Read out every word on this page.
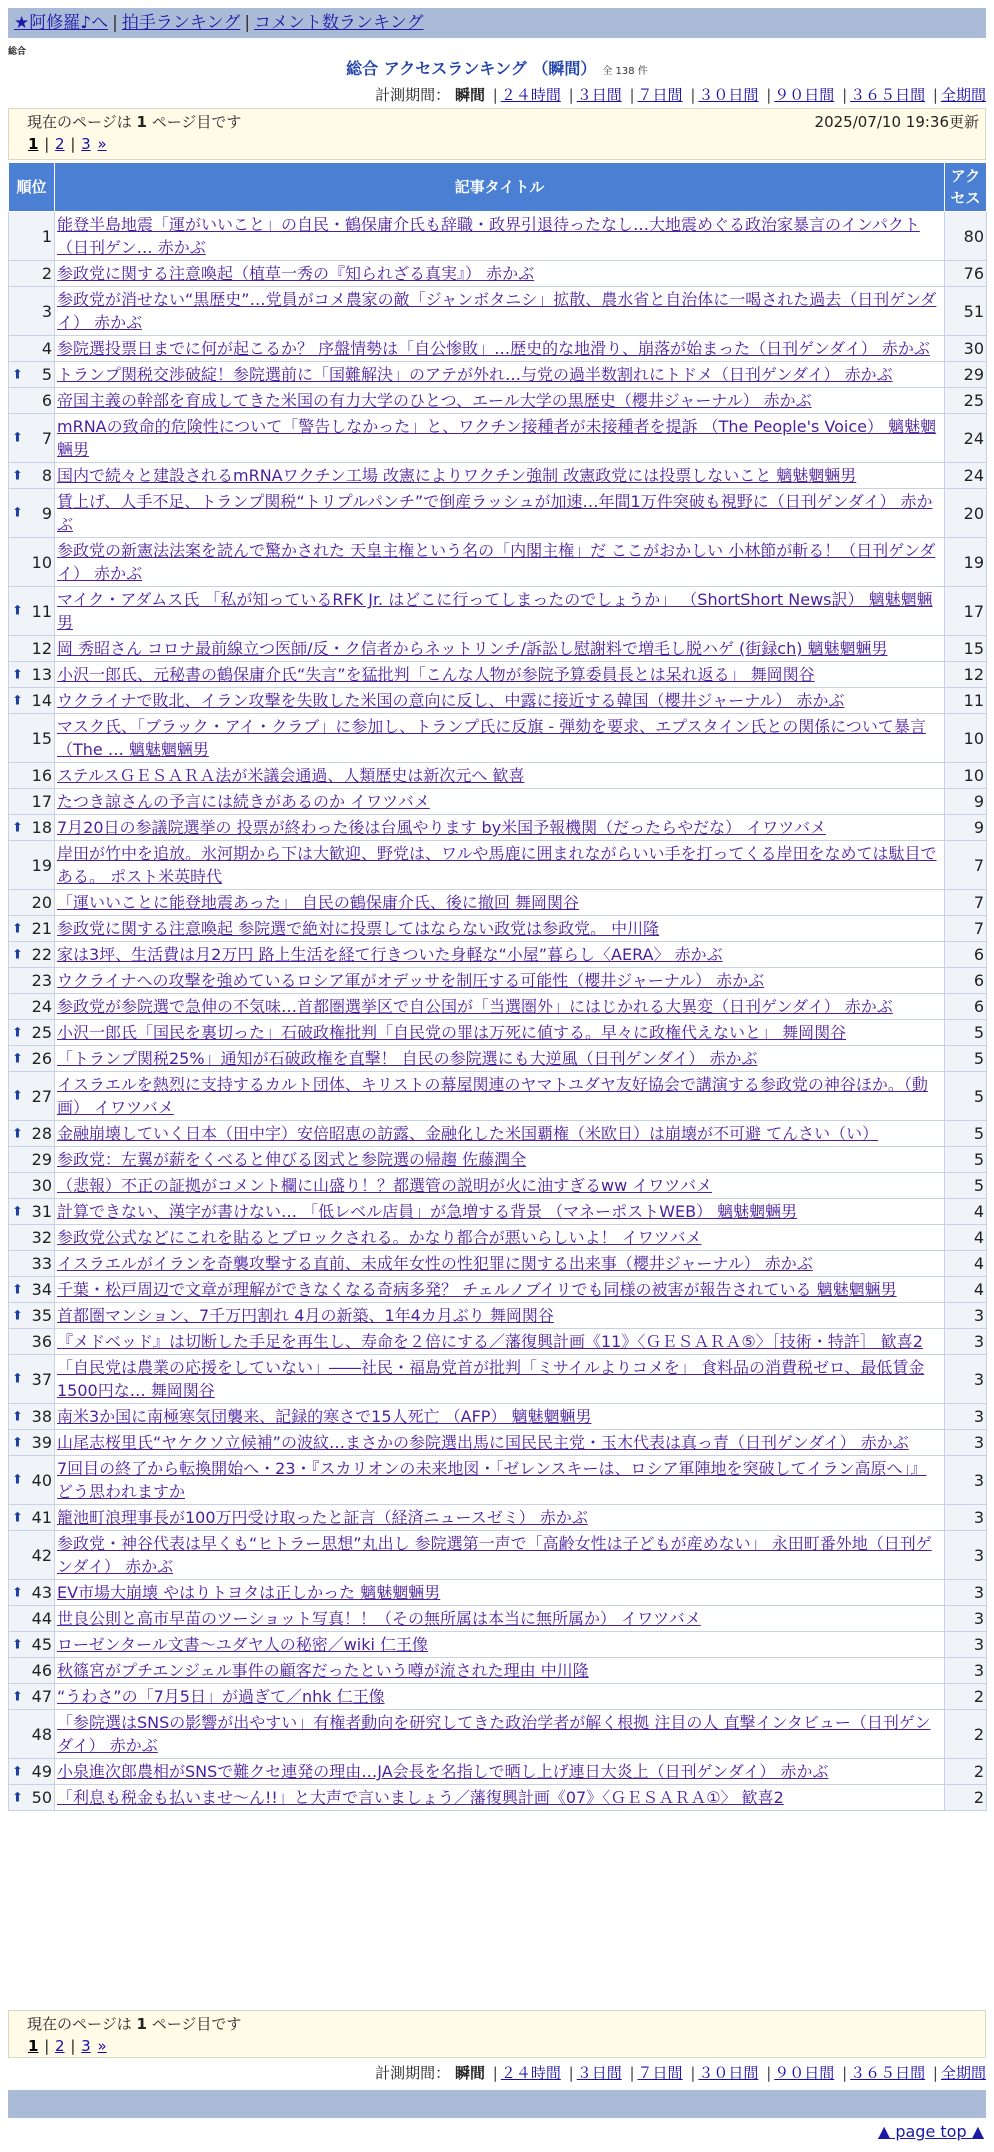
★阿修羅♪へ | 拍手ランキング | コメント数ランキング
総合
総合 アクセスランキング （瞬間） 全 138 件
計測期間： 瞬間 | ２４時間 | ３日間 | ７日間 | ３０日間 | ９０日間 | ３６５日間 | 全期間
現在のページは 1 ページ目です	2025/07/10 19:36更新
1 | 2 | 3 »
順位	記事タイトル	アクセス
1	能登半島地震「運がいいこと」の自民・鶴保庸介氏も辞職・政界引退待ったなし…大地震めぐる政治家暴言のインパクト（日刊ゲン… 赤かぶ	80
2	参政党に関する注意喚起（植草一秀の『知られざる真実』） 赤かぶ	76
3	参政党が消せない“黒歴史”…党員がコメ農家の敵「ジャンボタニシ」拡散、農水省と自治体に一喝された過去（日刊ゲンダイ） 赤かぶ	51
4	参院選投票日までに何が起こるか？ 序盤情勢は「自公惨敗」…歴史的な地滑り、崩落が始まった（日刊ゲンダイ） 赤かぶ	30

⬆ 5	トランプ関税交渉破綻！参院選前に「国難解決」のアテが外れ…与党の過半数割れにトドメ（日刊ゲンダイ） 赤かぶ	29
6	帝国主義の幹部を育成してきた米国の有力大学のひとつ、エール大学の黒歴史（櫻井ジャーナル） 赤かぶ	25

⬆ 7	mRNAの致命的危険性について「警告しなかった」と、ワクチン接種者が未接種者を提訴 （The People's Voice） 魑魅魍魎男	24

⬆ 8	国内で続々と建設されるmRNAワクチン工場 改憲によりワクチン強制 改憲政党には投票しないこと 魑魅魍魎男	24

⬆ 9	賃上げ、人手不足、トランプ関税“トリプルパンチ”で倒産ラッシュが加速…年間1万件突破も視野に（日刊ゲンダイ） 赤かぶ	20
10	参政党の新憲法法案を読んで驚かされた 天皇主権という名の「内閣主権」だ ここがおかしい 小林節が斬る！（日刊ゲンダイ） 赤かぶ	19

⬆ 11	マイク・アダムス氏 「私が知っているRFK Jr. はどこに行ってしまったのでしょうか」 （ShortShort News訳） 魑魅魍魎男	17
12	岡 秀昭さん コロナ最前線立つ医師/反・ク信者からネットリンチ/訴訟し慰謝料で増毛し脱ハゲ (街録ch) 魑魅魍魎男	15

⬆ 13	小沢一郎氏、元秘書の鶴保庸介氏“失言”を猛批判「こんな人物が参院予算委員長とは呆れ返る」 舞岡関谷	12

⬆ 14	ウクライナで敗北、イラン攻撃を失敗した米国の意向に反し、中露に接近する韓国（櫻井ジャーナル） 赤かぶ	11
15	マスク氏、「ブラック・アイ・クラブ」に参加し、トランプ氏に反旗 - 弾劾を要求、エプスタイン氏との関係について暴言（The … 魑魅魍魎男	10
16	ステルスＧＥＳＡＲＡ法が米議会通過、人類歴史は新次元へ 歓喜	10
17	たつき諒さんの予言には続きがあるのか イワツバメ	9

⬆ 18	7月20日の参議院選挙の 投票が終わった後は台風やります by米国予報機関（だったらやだな） イワツバメ	9
19	岸田が竹中を追放。氷河期から下は大歓迎、野党は、ワルや馬鹿に囲まれながらいい手を打ってくる岸田をなめては駄目である。 ポスト米英時代	7
20	「運いいことに能登地震あった」 自民の鶴保庸介氏、後に撤回 舞岡関谷	7

⬆ 21	参政党に関する注意喚起 参院選で絶対に投票してはならない政党は参政党。 中川隆	7

⬆ 22	家は3坪、生活費は月2万円 路上生活を経て行きついた身軽な“小屋”暮らし〈AERA〉 赤かぶ	6
23	ウクライナへの攻撃を強めているロシア軍がオデッサを制圧する可能性（櫻井ジャーナル） 赤かぶ	6
24	参政党が参院選で急伸の不気味…首都圏選挙区で自公国が「当選圏外」にはじかれる大異変（日刊ゲンダイ） 赤かぶ	6

⬆ 25	小沢一郎氏「国民を裏切った」石破政権批判「自民党の罪は万死に値する。早々に政権代えないと」 舞岡関谷	5

⬆ 26	「トランプ関税25%」通知が石破政権を直撃！ 自民の参院選にも大逆風（日刊ゲンダイ） 赤かぶ	5

⬆ 27	イスラエルを熱烈に支持するカルト団体、キリストの幕屋関連のヤマトユダヤ友好協会で講演する参政党の神谷ほか。（動画） イワツバメ	5

⬆ 28	金融崩壊していく日本（田中宇）安倍昭恵の訪露、金融化した米国覇権（米欧日）は崩壊が不可避 てんさい（い）	5
29	参政党：左翼が薪をくべると伸びる図式と参院選の帰趨 佐藤潤全	5
30	（悲報）不正の証拠がコメント欄に山盛り！？都選管の説明が火に油すぎるww イワツバメ	5

⬆ 31	計算できない、漢字が書けない… 「低レベル店員」が急増する背景 （マネーポストWEB） 魑魅魍魎男	4
32	参政党公式などにこれを貼るとブロックされる。かなり都合が悪いらしいよ！ イワツバメ	4
33	イスラエルがイランを奇襲攻撃する直前、未成年女性の性犯罪に関する出来事（櫻井ジャーナル） 赤かぶ	4

⬆ 34	千葉・松戸周辺で文章が理解ができなくなる奇病多発？ チェルノブイリでも同様の被害が報告されている 魑魅魍魎男	4

⬆ 35	首都圏マンション、7千万円割れ 4月の新築、1年4カ月ぶり 舞岡関谷	3
36	『メドベッド』は切断した手足を再生し、寿命を２倍にする／藩復興計画《11》〈ＧＥＳＡＲＡ⑤〉［技術・特許］ 歓喜2	3

⬆ 37	「自民党は農業の応援をしていない」――社民・福島党首が批判「ミサイルよりコメを」 食料品の消費税ゼロ、最低賃金1500円な… 舞岡関谷	3

⬆ 38	南米3か国に南極寒気団襲来、記録的寒さで15人死亡 （AFP） 魑魅魍魎男	3

⬆ 39	山尾志桜里氏“ヤケクソ立候補”の波紋…まさかの参院選出馬に国民民主党・玉木代表は真っ青（日刊ゲンダイ） 赤かぶ	3

⬆ 40	7回目の終了から転換開始へ・23・『スカリオンの未来地図・「ゼレンスキーは、ロシア軍陣地を突破してイラン高原へ」』どう思われますか	3

⬆ 41	籠池町浪理事長が100万円受け取ったと証言（経済ニュースゼミ） 赤かぶ	3
42	参政党・神谷代表は早くも“ヒトラー思想”丸出し 参院選第一声で「高齢女性は子どもが産めない」 永田町番外地（日刊ゲンダイ） 赤かぶ	3

⬆ 43	EV市場大崩壊 やはりトヨタは正しかった 魑魅魍魎男	3
44	世良公則と高市早苗のツーショット写真！！（その無所属は本当に無所属か） イワツバメ	3

⬆ 45	ローゼンタール文書〜ユダヤ人の秘密／wiki 仁王像	3
46	秋篠宮がプチエンジェル事件の顧客だったという噂が流された理由 中川隆	3

⬆ 47	“うわさ”の「7月5日」が過ぎて／nhk 仁王像	2
48	「参院選はSNSの影響が出やすい」有権者動向を研究してきた政治学者が解く根拠 注目の人 直撃インタビュー（日刊ゲンダイ） 赤かぶ	2

⬆ 49	小泉進次郎農相がSNSで難クセ連発の理由…JA会長を名指しで晒し上げ連日大炎上（日刊ゲンダイ） 赤かぶ	2

⬆ 50	「利息も税金も払いませ〜ん!!」と大声で言いましょう／藩復興計画《07》〈ＧＥＳＡＲＡ①〉 歓喜2	2
計測期間： 瞬間 | ２４時間 | ３日間 | ７日間 | ３０日間 | ９０日間 | ３６５日間 | 全期間
現在のページは 1 ページ目です
1 | 2 | 3 »
▲ page top ▲
